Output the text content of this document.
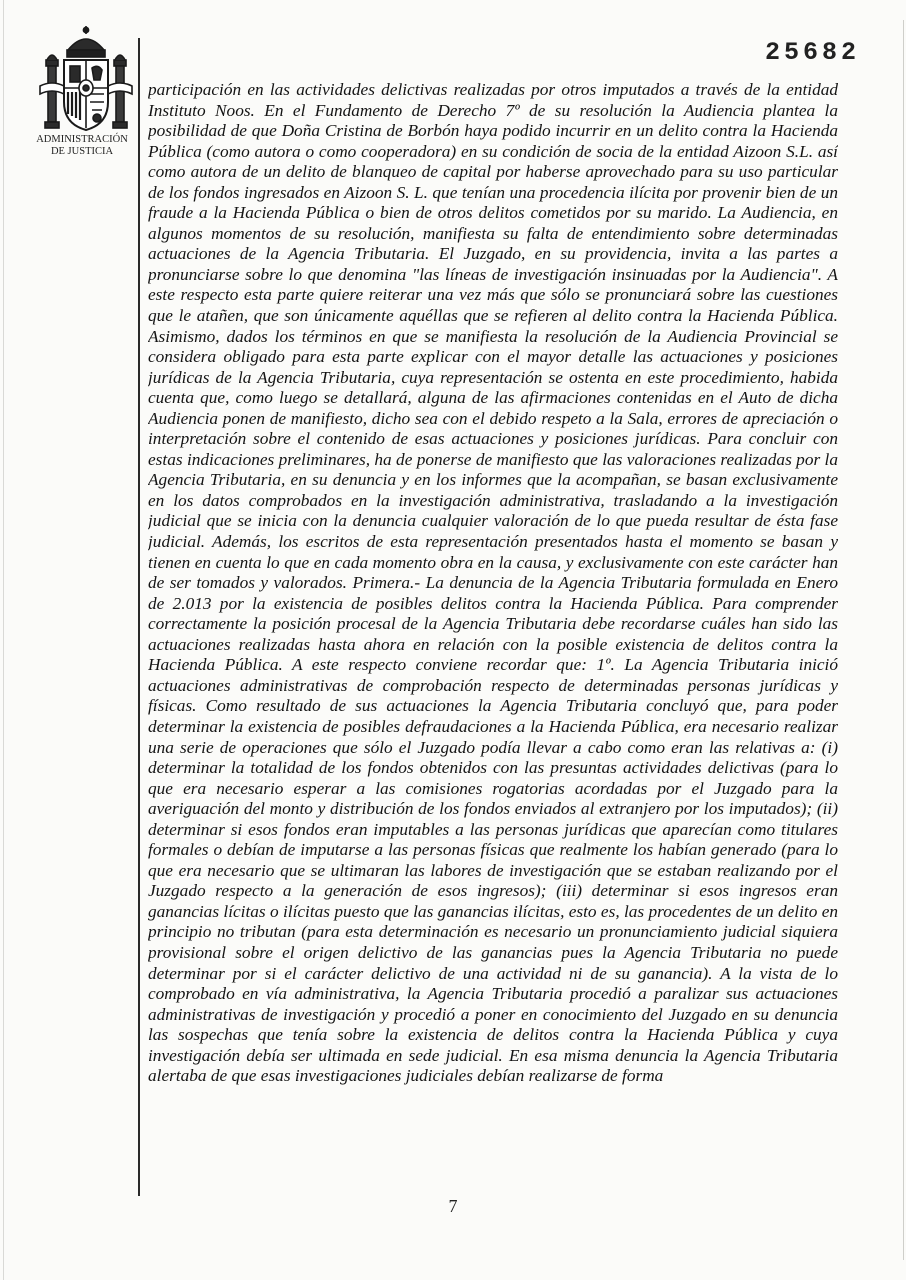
25682
ADMINISTRACIÓN
DE JUSTICIA

participación en las actividades delictivas realizadas por otros imputados a través de la entidad Instituto Noos. En el Fundamento de Derecho 7º de su resolución la Audiencia plantea la posibilidad de que Doña Cristina de Borbón haya podido incurrir en un delito contra la Hacienda Pública (como autora o como cooperadora) en su condición de socia de la entidad Aizoon S.L. así como autora de un delito de blanqueo de capital por haberse aprovechado para su uso particular de los fondos ingresados en Aizoon S. L. que tenían una procedencia ilícita por provenir bien de un fraude a la Hacienda Pública o bien de otros delitos cometidos por su marido. La Audiencia, en algunos momentos de su resolución, manifiesta su falta de entendimiento sobre determinadas actuaciones de la Agencia Tributaria. El Juzgado, en su providencia, invita a las partes a pronunciarse sobre lo que denomina "las líneas de investigación insinuadas por la Audiencia". A este respecto esta parte quiere reiterar una vez más que sólo se pronunciará sobre las cuestiones que le atañen, que son únicamente aquéllas que se refieren al delito contra la Hacienda Pública. Asimismo, dados los términos en que se manifiesta la resolución de la Audiencia Provincial se considera obligado para esta parte explicar con el mayor detalle las actuaciones y posiciones jurídicas de la Agencia Tributaria, cuya representación se ostenta en este procedimiento, habida cuenta que, como luego se detallará, alguna de las afirmaciones contenidas en el Auto de dicha Audiencia ponen de manifiesto, dicho sea con el debido respeto a la Sala, errores de apreciación o interpretación sobre el contenido de esas actuaciones y posiciones jurídicas. Para concluir con estas indicaciones preliminares, ha de ponerse de manifiesto que las valoraciones realizadas por la Agencia Tributaria, en su denuncia y en los informes que la acompañan, se basan exclusivamente en los datos comprobados en la investigación administrativa, trasladando a la investigación judicial que se inicia con la denuncia cualquier valoración de lo que pueda resultar de ésta fase judicial. Además, los escritos de esta representación presentados hasta el momento se basan y tienen en cuenta lo que en cada momento obra en la causa, y exclusivamente con este carácter han de ser tomados y valorados. Primera.- La denuncia de la Agencia Tributaria formulada en Enero de 2.013 por la existencia de posibles delitos contra la Hacienda Pública. Para comprender correctamente la posición procesal de la Agencia Tributaria debe recordarse cuáles han sido las actuaciones realizadas hasta ahora en relación con la posible existencia de delitos contra la Hacienda Pública. A este respecto conviene recordar que: 1º. La Agencia Tributaria inició actuaciones administrativas de comprobación respecto de determinadas personas jurídicas y físicas. Como resultado de sus actuaciones la Agencia Tributaria concluyó que, para poder determinar la existencia de posibles defraudaciones a la Hacienda Pública, era necesario realizar una serie de operaciones que sólo el Juzgado podía llevar a cabo como eran las relativas a: (i) determinar la totalidad de los fondos obtenidos con las presuntas actividades delictivas (para lo que era necesario esperar a las comisiones rogatorias acordadas por el Juzgado para la averiguación del monto y distribución de los fondos enviados al extranjero por los imputados); (ii) determinar si esos fondos eran imputables a las personas jurídicas que aparecían como titulares formales o debían de imputarse a las personas físicas que realmente los habían generado (para lo que era necesario que se ultimaran las labores de investigación que se estaban realizando por el Juzgado respecto a la generación de esos ingresos); (iii) determinar si esos ingresos eran ganancias lícitas o ilícitas puesto que las ganancias ilícitas, esto es, las procedentes de un delito en principio no tributan (para esta determinación es necesario un pronunciamiento judicial siquiera provisional sobre el origen delictivo de las ganancias pues la Agencia Tributaria no puede determinar por si el carácter delictivo de una actividad ni de su ganancia). A la vista de lo comprobado en vía administrativa, la Agencia Tributaria procedió a paralizar sus actuaciones administrativas de investigación y procedió a poner en conocimiento del Juzgado en su denuncia las sospechas que tenía sobre la existencia de delitos contra la Hacienda Pública y cuya investigación debía ser ultimada en sede judicial. En esa misma denuncia la Agencia Tributaria alertaba de que esas investigaciones judiciales debían realizarse de forma

7
